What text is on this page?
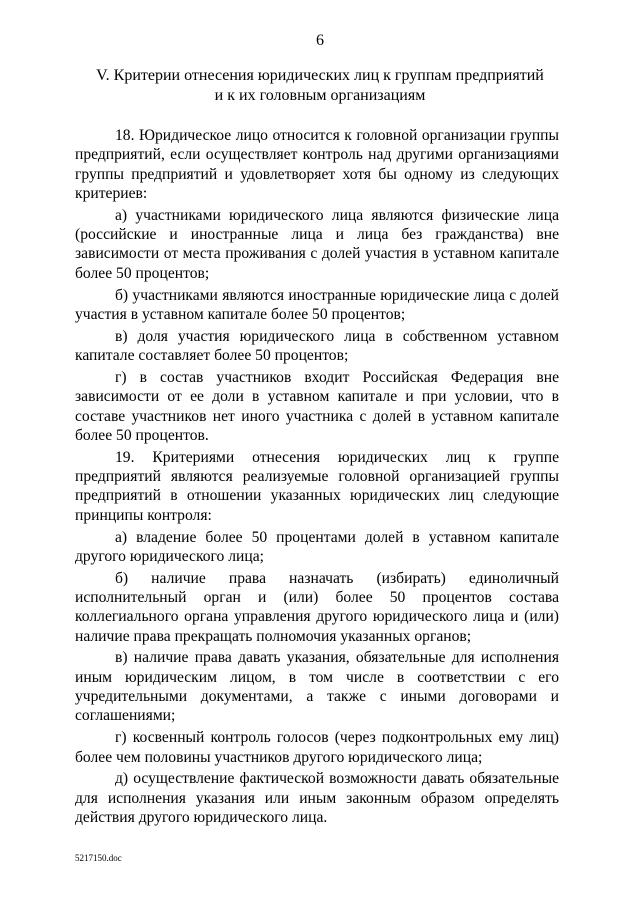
6
V. Критерии отнесения юридических лиц к группам предприятий
и к их головным организациям

18. Юридическое лицо относится к головной организации группы предприятий, если осуществляет контроль над другими организациями группы предприятий и удовлетворяет хотя бы одному из следующих критериев:

а) участниками юридического лица являются физические лица (российские и иностранные лица и лица без гражданства) вне зависимости от места проживания с долей участия в уставном капитале более 50 процентов;

б) участниками являются иностранные юридические лица с долей участия в уставном капитале более 50 процентов;

в) доля участия юридического лица в собственном уставном капитале составляет более 50 процентов;

г) в состав участников входит Российская Федерация вне зависимости от ее доли в уставном капитале и при условии, что в составе участников нет иного участника с долей в уставном капитале более 50 процентов.

19. Критериями отнесения юридических лиц к группе предприятий являются реализуемые головной организацией группы предприятий в отношении указанных юридических лиц следующие принципы контроля:

а) владение более 50 процентами долей в уставном капитале другого юридического лица;

б) наличие права назначать (избирать) единоличный исполнительный орган и (или) более 50 процентов состава коллегиального органа управления другого юридического лица и (или) наличие права прекращать полномочия указанных органов;

в) наличие права давать указания, обязательные для исполнения иным юридическим лицом, в том числе в соответствии с его учредительными документами, а также с иными договорами и соглашениями;

г) косвенный контроль голосов (через подконтрольных ему лиц) более чем половины участников другого юридического лица;

д) осуществление фактической возможности давать обязательные для исполнения указания или иным законным образом определять действия другого юридического лица.

5217150.doc
